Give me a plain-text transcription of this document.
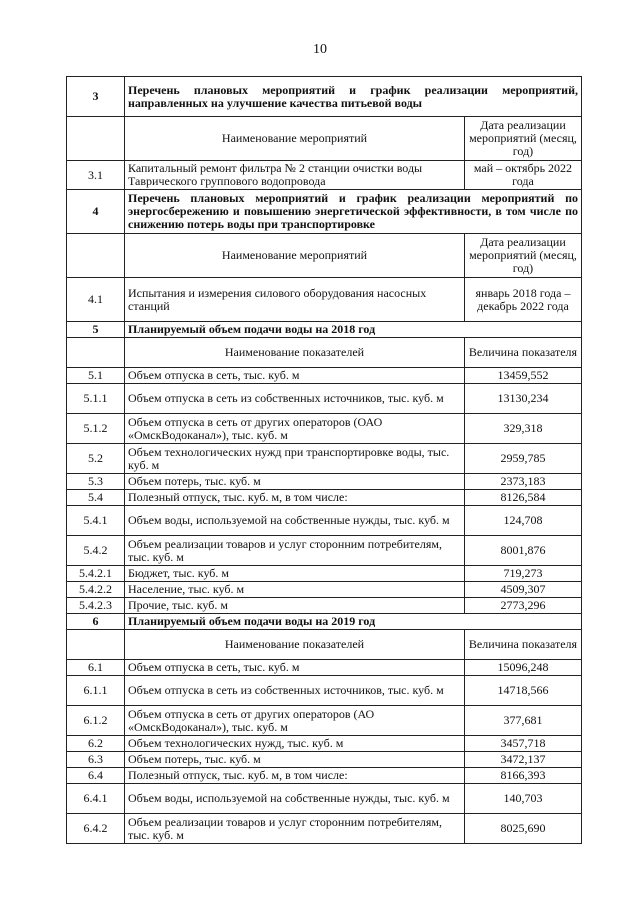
10
3	Перечень плановых мероприятий и график реализации мероприятий, направленных на улучшение качества питьевой воды	
	Наименование мероприятий	Дата реализации мероприятий (месяц, год)
3.1	Капитальный ремонт фильтра № 2 станции очистки воды Таврического группового водопровода	май – октябрь 2022 года
4	Перечень плановых мероприятий и график реализации мероприятий по энергосбережению и повышению энергетической эффективности, в том числе по снижению потерь воды при транспортировке	
	Наименование мероприятий	Дата реализации мероприятий (месяц, год)
4.1	Испытания и измерения силового оборудования насосных станций	январь 2018 года – декабрь 2022 года
5	Планируемый объем подачи воды на 2018 год	
	Наименование показателей	Величина показателя
5.1	Объем отпуска в сеть, тыс. куб. м	13459,552
5.1.1	Объем отпуска в сеть из собственных источников, тыс. куб. м	13130,234
5.1.2	Объем отпуска в сеть от других операторов (ОАО «ОмскВодоканал»), тыс. куб. м	329,318
5.2	Объем технологических нужд при транспортировке воды, тыс. куб. м	2959,785
5.3	Объем потерь, тыс. куб. м	2373,183
5.4	Полезный отпуск, тыс. куб. м, в том числе:	8126,584
5.4.1	Объем воды, используемой на собственные нужды, тыс. куб. м	124,708
5.4.2	Объем реализации товаров и услуг сторонним потребителям, тыс. куб. м	8001,876
5.4.2.1	Бюджет, тыс. куб. м	719,273
5.4.2.2	Население, тыс. куб. м	4509,307
5.4.2.3	Прочие, тыс. куб. м	2773,296
6	Планируемый объем подачи воды на 2019 год	
	Наименование показателей	Величина показателя
6.1	Объем отпуска в сеть, тыс. куб. м	15096,248
6.1.1	Объем отпуска в сеть из собственных источников, тыс. куб. м	14718,566
6.1.2	Объем отпуска в сеть от других операторов (АО «ОмскВодоканал»), тыс. куб. м	377,681
6.2	Объем технологических нужд, тыс. куб. м	3457,718
6.3	Объем потерь, тыс. куб. м	3472,137
6.4	Полезный отпуск, тыс. куб. м, в том числе:	8166,393
6.4.1	Объем воды, используемой на собственные нужды, тыс. куб. м	140,703
6.4.2	Объем реализации товаров и услуг сторонним потребителям, тыс. куб. м	8025,690
